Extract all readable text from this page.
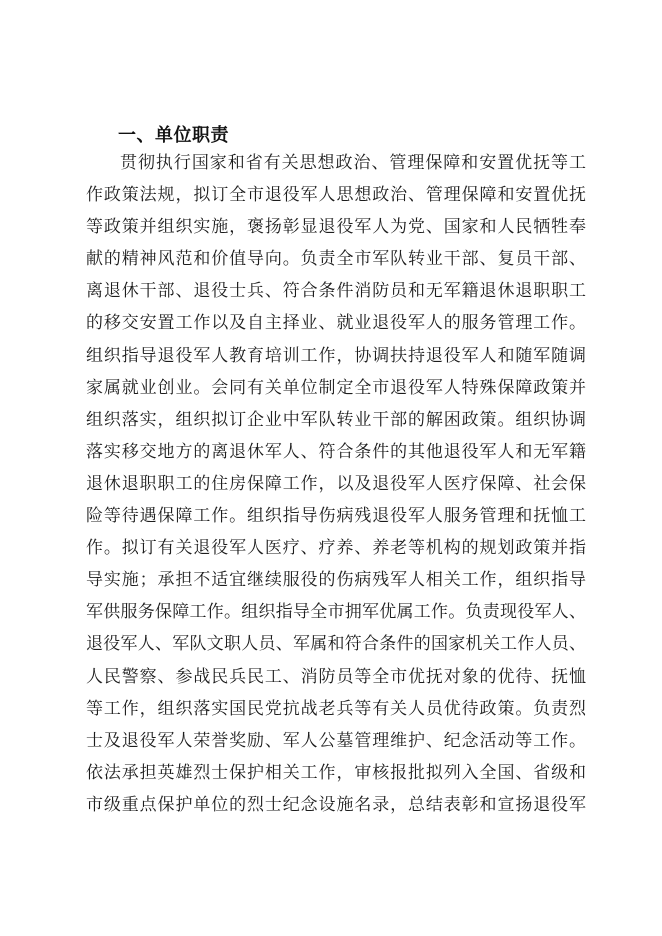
一、单位职责
贯彻执行国家和省有关思想政治、管理保障和安置优抚等工
作政策法规，拟订全市退役军人思想政治、管理保障和安置优抚
等政策并组织实施，褒扬彰显退役军人为党、国家和人民牺牲奉
献的精神风范和价值导向。负责全市军队转业干部、复员干部、
离退休干部、退役士兵、符合条件消防员和无军籍退休退职职工
的移交安置工作以及自主择业、就业退役军人的服务管理工作。
组织指导退役军人教育培训工作，协调扶持退役军人和随军随调
家属就业创业。会同有关单位制定全市退役军人特殊保障政策并
组织落实，组织拟订企业中军队转业干部的解困政策。组织协调
落实移交地方的离退休军人、符合条件的其他退役军人和无军籍
退休退职职工的住房保障工作，以及退役军人医疗保障、社会保
险等待遇保障工作。组织指导伤病残退役军人服务管理和抚恤工
作。拟订有关退役军人医疗、疗养、养老等机构的规划政策并指
导实施；承担不适宜继续服役的伤病残军人相关工作，组织指导
军供服务保障工作。组织指导全市拥军优属工作。负责现役军人、
退役军人、军队文职人员、军属和符合条件的国家机关工作人员、
人民警察、参战民兵民工、消防员等全市优抚对象的优待、抚恤
等工作，组织落实国民党抗战老兵等有关人员优待政策。负责烈
士及退役军人荣誉奖励、军人公墓管理维护、纪念活动等工作。
依法承担英雄烈士保护相关工作，审核报批拟列入全国、省级和
市级重点保护单位的烈士纪念设施名录，总结表彰和宣扬退役军
